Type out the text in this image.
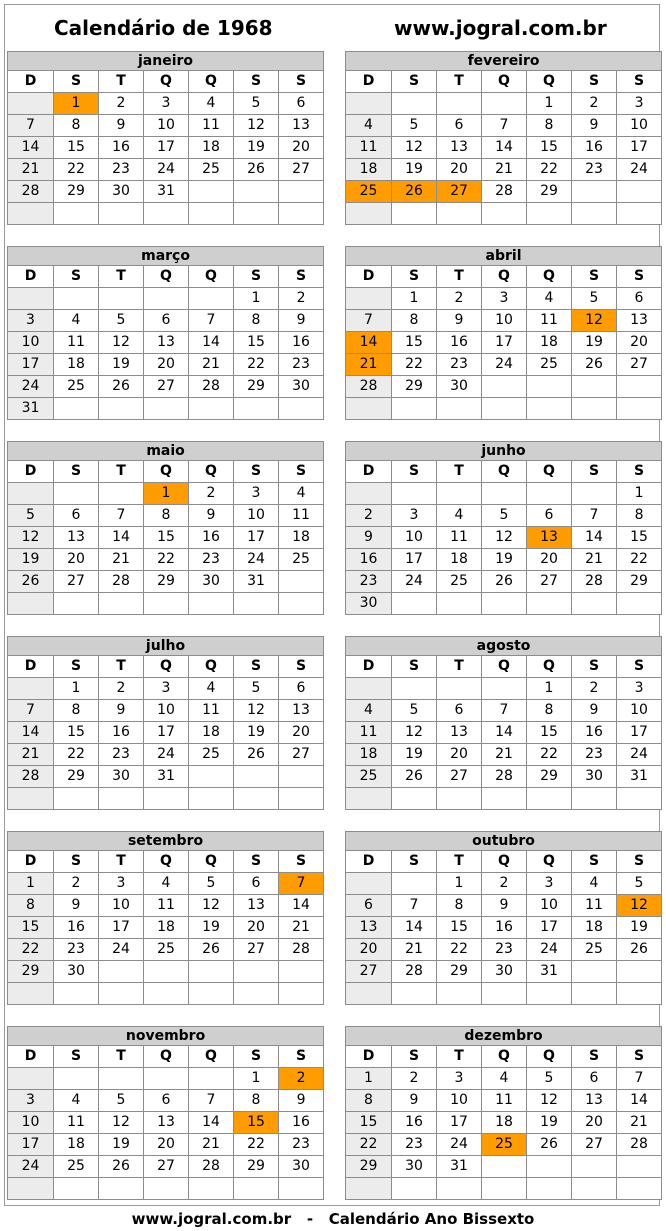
Calendário de 1968	www.jogral.com.br
janeiro						
D	S	T	Q	Q	S	S
	1	2	3	4	5	6
7	8	9	10	11	12	13
14	15	16	17	18	19	20
21	22	23	24	25	26	27
28	29	30	31			

fevereiro						
D	S	T	Q	Q	S	S
				1	2	3
4	5	6	7	8	9	10
11	12	13	14	15	16	17
18	19	20	21	22	23	24
25	26	27	28	29		

março						
D	S	T	Q	Q	S	S
					1	2
3	4	5	6	7	8	9
10	11	12	13	14	15	16
17	18	19	20	21	22	23
24	25	26	27	28	29	30
31						
abril						
D	S	T	Q	Q	S	S
	1	2	3	4	5	6
7	8	9	10	11	12	13
14	15	16	17	18	19	20
21	22	23	24	25	26	27
28	29	30				

maio						
D	S	T	Q	Q	S	S
			1	2	3	4
5	6	7	8	9	10	11
12	13	14	15	16	17	18
19	20	21	22	23	24	25
26	27	28	29	30	31	

junho						
D	S	T	Q	Q	S	S
						1
2	3	4	5	6	7	8
9	10	11	12	13	14	15
16	17	18	19	20	21	22
23	24	25	26	27	28	29
30						
julho						
D	S	T	Q	Q	S	S
	1	2	3	4	5	6
7	8	9	10	11	12	13
14	15	16	17	18	19	20
21	22	23	24	25	26	27
28	29	30	31			

agosto						
D	S	T	Q	Q	S	S
				1	2	3
4	5	6	7	8	9	10
11	12	13	14	15	16	17
18	19	20	21	22	23	24
25	26	27	28	29	30	31

setembro						
D	S	T	Q	Q	S	S
1	2	3	4	5	6	7
8	9	10	11	12	13	14
15	16	17	18	19	20	21
22	23	24	25	26	27	28
29	30					

outubro						
D	S	T	Q	Q	S	S
		1	2	3	4	5
6	7	8	9	10	11	12
13	14	15	16	17	18	19
20	21	22	23	24	25	26
27	28	29	30	31		

novembro						
D	S	T	Q	Q	S	S
					1	2
3	4	5	6	7	8	9
10	11	12	13	14	15	16
17	18	19	20	21	22	23
24	25	26	27	28	29	30

dezembro						
D	S	T	Q	Q	S	S
1	2	3	4	5	6	7
8	9	10	11	12	13	14
15	16	17	18	19	20	21
22	23	24	25	26	27	28
29	30	31				

www.jogral.com.br - Calendário Ano Bissexto
